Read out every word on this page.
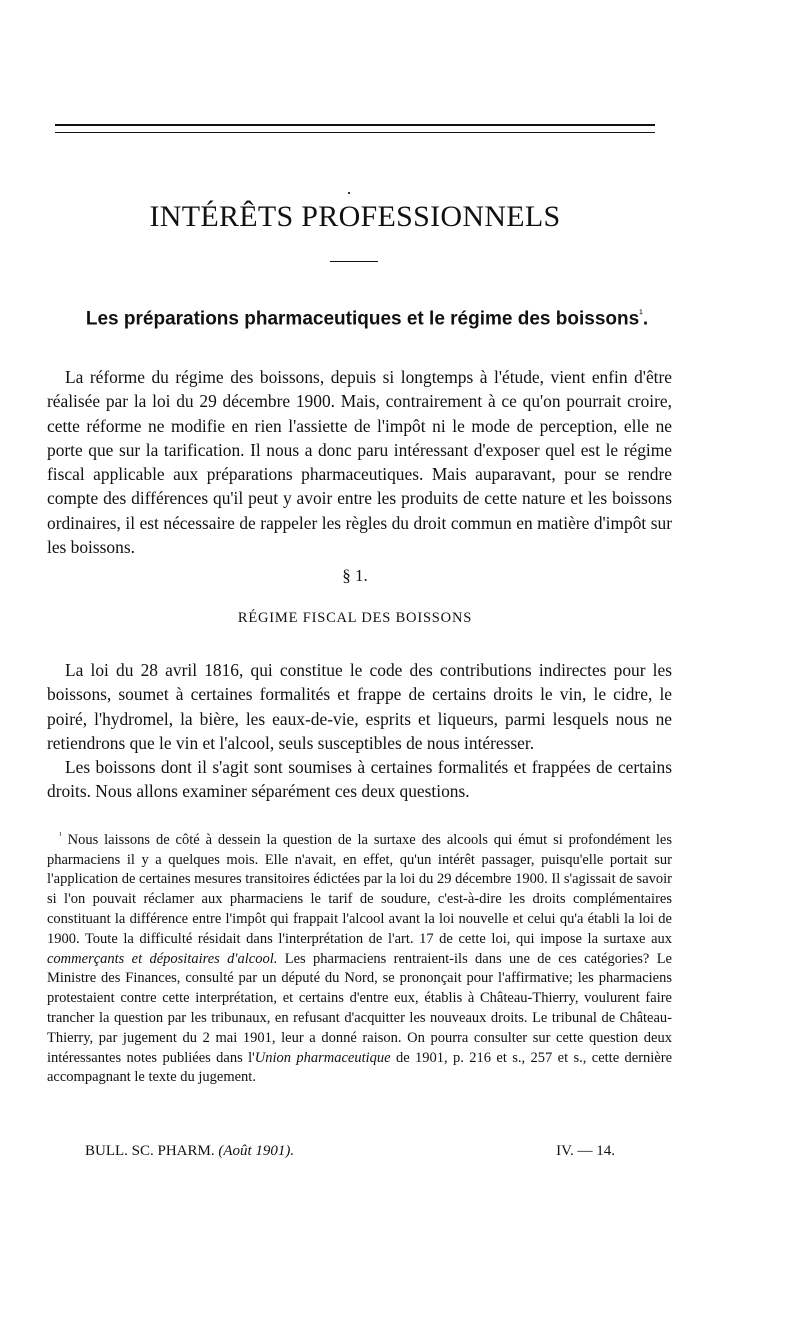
INTÉRÊTS PROFESSIONNELS
Les préparations pharmaceutiques et le régime des boissons$^{^1}$.

La réforme du régime des boissons, depuis si longtemps à l'étude, vient enfin d'être réalisée par la loi du 29 décembre 1900. Mais, contrairement à ce qu'on pourrait croire, cette réforme ne modifie en rien l'assiette de l'impôt ni le mode de perception, elle ne porte que sur la tarification. Il nous a donc paru intéressant d'exposer quel est le régime fiscal applicable aux préparations pharmaceutiques. Mais auparavant, pour se rendre compte des différences qu'il peut y avoir entre les produits de cette nature et les boissons ordinaires, il est nécessaire de rappeler les règles du droit commun en matière d'impôt sur les boissons.

§ 1.
RÉGIME FISCAL DES BOISSONS

La loi du 28 avril 1816, qui constitue le code des contributions indirectes pour les boissons, soumet à certaines formalités et frappe de certains droits le vin, le cidre, le poiré, l'hydromel, la bière, les eaux-de-vie, esprits et liqueurs, parmi lesquels nous ne retiendrons que le vin et l'alcool, seuls susceptibles de nous intéresser.

Les boissons dont il s'agit sont soumises à certaines formalités et frappées de certains droits. Nous allons examiner séparément ces deux questions.

$^{^1}$ Nous laissons de côté à dessein la question de la surtaxe des alcools qui émut si profondément les pharmaciens il y a quelques mois. Elle n'avait, en effet, qu'un intérêt passager, puisqu'elle portait sur l'application de certaines mesures transitoires édictées par la loi du 29 décembre 1900. Il s'agissait de savoir si l'on pouvait réclamer aux pharmaciens le tarif de soudure, c'est-à-dire les droits complémentaires constituant la différence entre l'impôt qui frappait l'alcool avant la loi nouvelle et celui qu'a établi la loi de 1900. Toute la difficulté résidait dans l'interprétation de l'art. 17 de cette loi, qui impose la surtaxe aux commerçants et dépositaires d'alcool. Les pharmaciens rentraient-ils dans une de ces catégories? Le Ministre des Finances, consulté par un député du Nord, se prononçait pour l'affirmative; les pharmaciens protestaient contre cette interprétation, et certains d'entre eux, établis à Château-Thierry, voulurent faire trancher la question par les tribunaux, en refusant d'acquitter les nouveaux droits. Le tribunal de Château-Thierry, par jugement du 2 mai 1901, leur a donné raison. On pourra consulter sur cette question deux intéressantes notes publiées dans l'Union pharmaceutique de 1901, p. 216 et s., 257 et s., cette dernière accompagnant le texte du jugement.

BULL. SC. PHARM. (Août 1901).	IV. — 14.
